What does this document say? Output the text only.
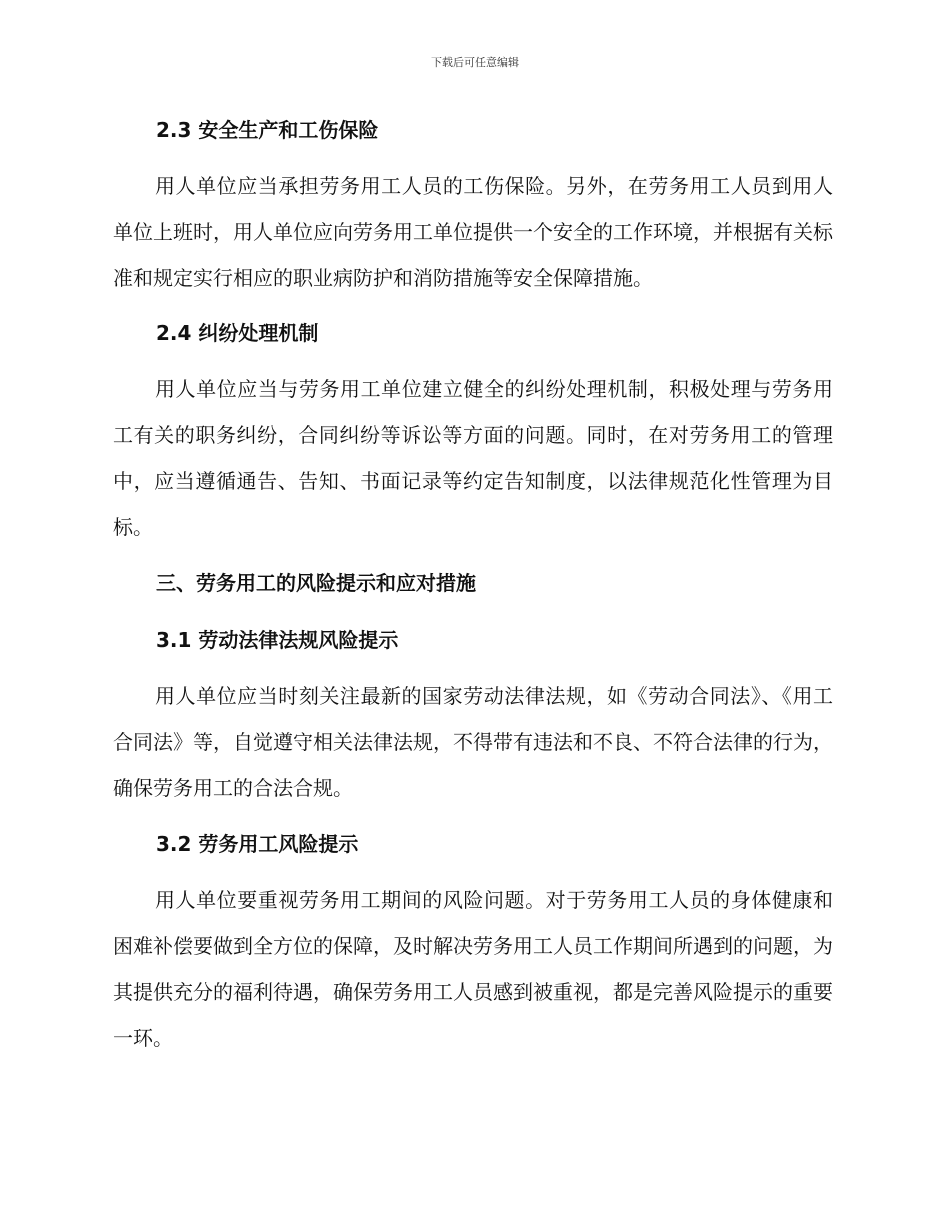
下载后可任意编辑
2.3 安全生产和工伤保险

用人单位应当承担劳务用工人员的工伤保险。另外，在劳务用工人员到用人单位上班时，用人单位应向劳务用工单位提供一个安全的工作环境，并根据有关标准和规定实行相应的职业病防护和消防措施等安全保障措施。

2.4 纠纷处理机制

用人单位应当与劳务用工单位建立健全的纠纷处理机制，积极处理与劳务用工有关的职务纠纷，合同纠纷等诉讼等方面的问题。同时，在对劳务用工的管理中，应当遵循通告、告知、书面记录等约定告知制度，以法律规范化性管理为目标。

三、劳务用工的风险提示和应对措施
3.1 劳动法律法规风险提示

用人单位应当时刻关注最新的国家劳动法律法规，如《劳动合同法》、《用工合同法》等，自觉遵守相关法律法规，不得带有违法和不良、不符合法律的行为，确保劳务用工的合法合规。

3.2 劳务用工风险提示

用人单位要重视劳务用工期间的风险问题。对于劳务用工人员的身体健康和困难补偿要做到全方位的保障，及时解决劳务用工人员工作期间所遇到的问题，为其提供充分的福利待遇，确保劳务用工人员感到被重视，都是完善风险提示的重要一环。
